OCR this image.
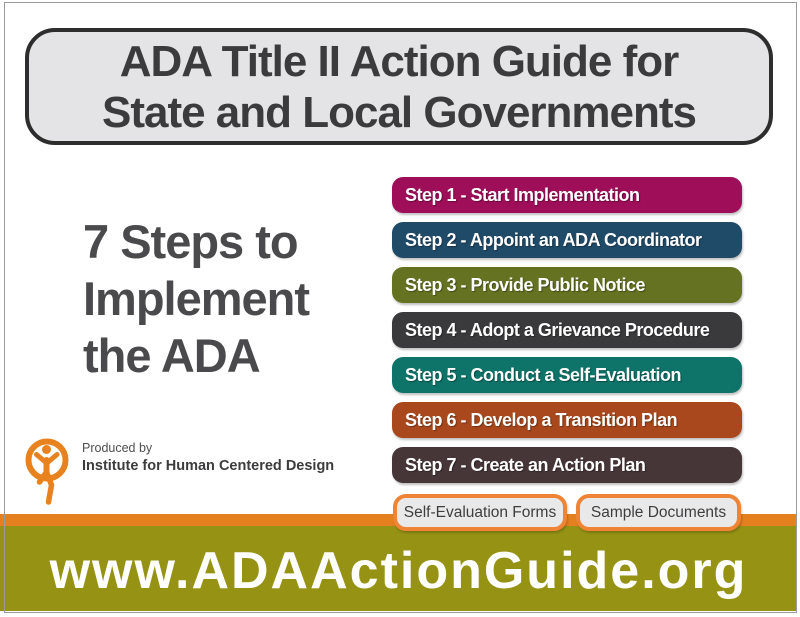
ADA Title II Action Guide for
State and Local Governments
7 Steps to
Implement
the ADA
Step 1 - Start Implementation
Step 2 - Appoint an ADA Coordinator
Step 3 - Provide Public Notice
Step 4 - Adopt a Grievance Procedure
Step 5 - Conduct a Self-Evaluation
Step 6 - Develop a Transition Plan
Step 7 - Create an Action Plan
Self-Evaluation Forms	Sample Documents
Produced by
Institute for Human Centered Design
www.ADAActionGuide.org
